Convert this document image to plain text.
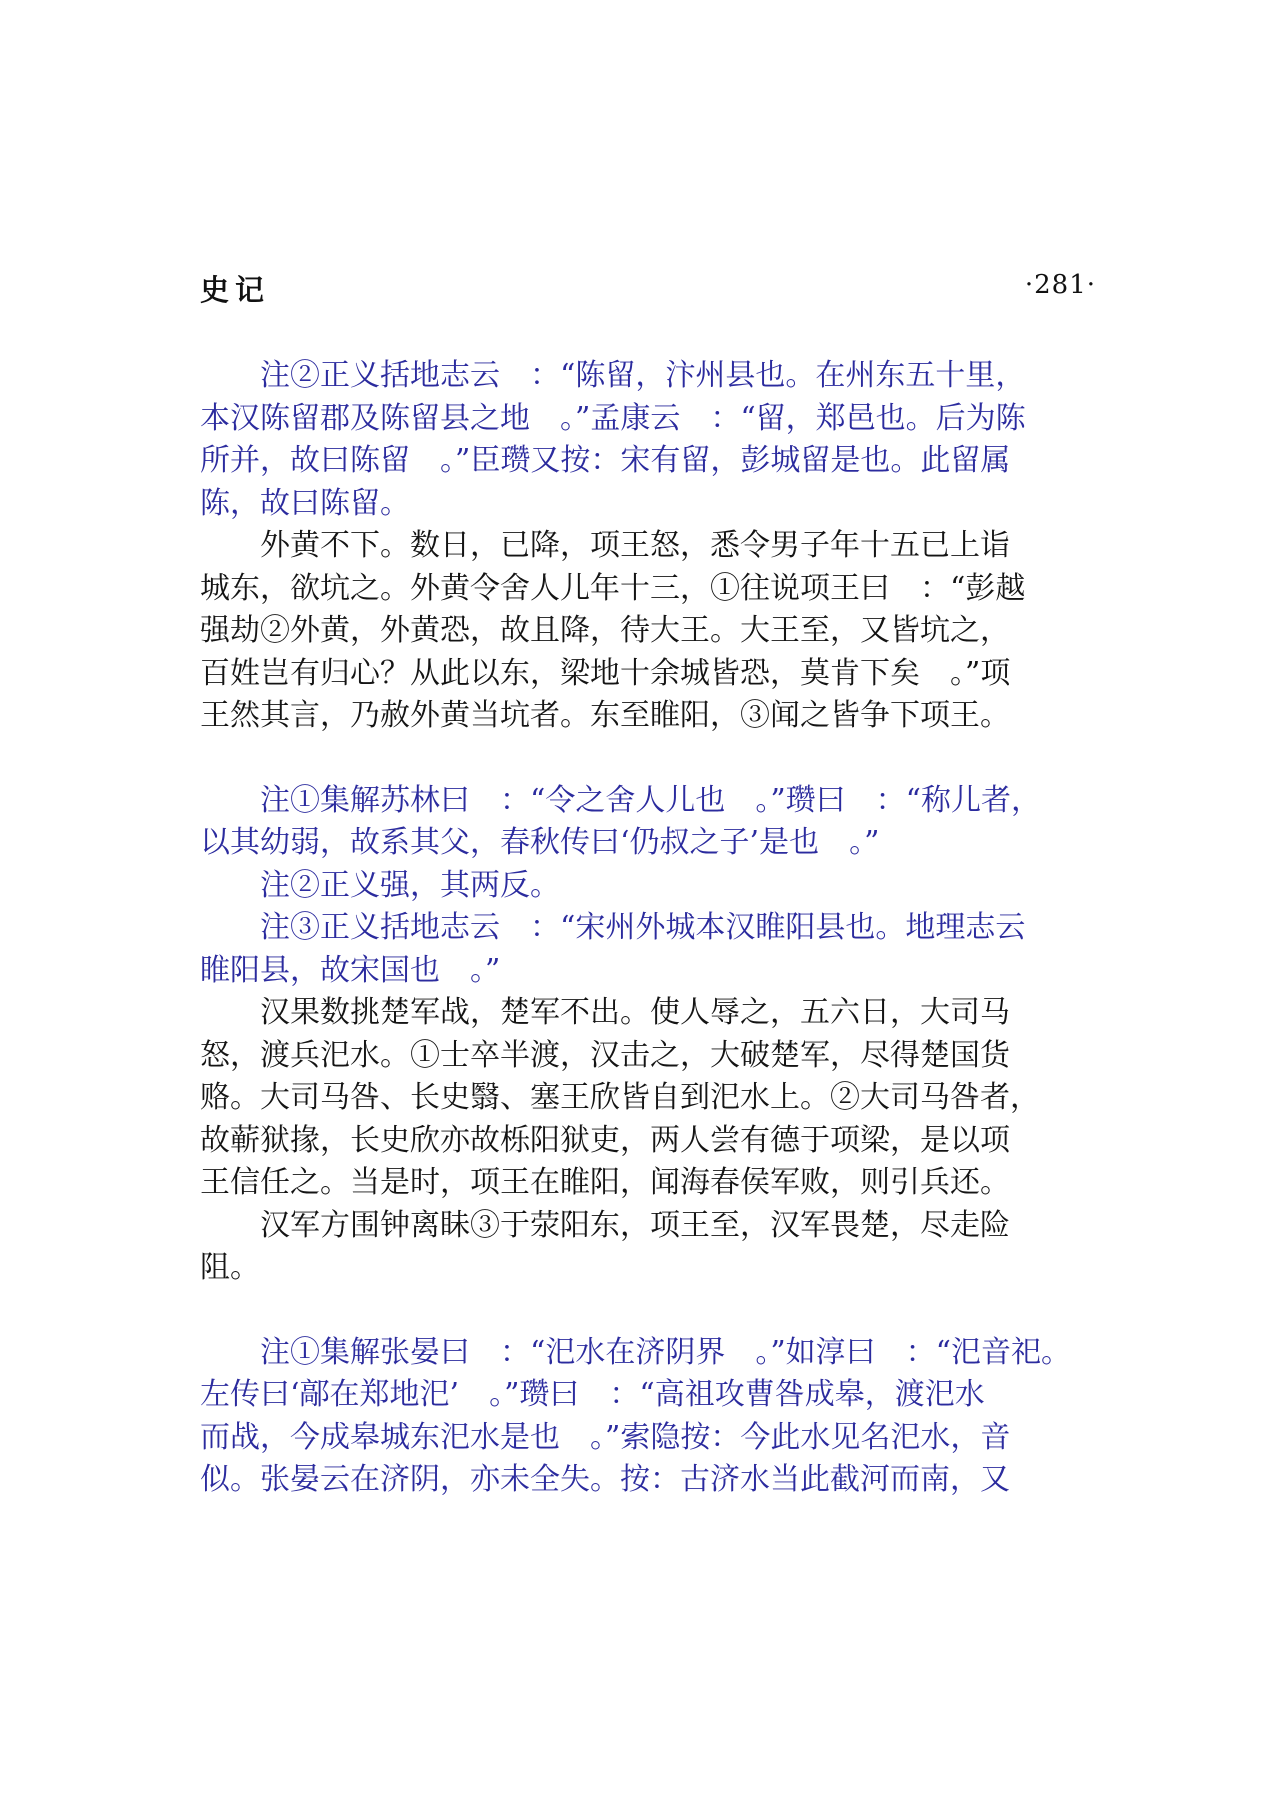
史记	·281·

　　注②正义括地志云　：“陈留，汴州县也。在州东五十里，
本汉陈留郡及陈留县之地　。”孟康云　：“留，郑邑也。后为陈
所并，故曰陈留　。”臣瓒又按：宋有留，彭城留是也。此留属
陈，故曰陈留。

　　外黄不下。数日，已降，项王怒，悉令男子年十五已上诣
城东，欲坑之。外黄令舍人儿年十三，①往说项王曰　：“彭越
强劫②外黄，外黄恐，故且降，待大王。大王至，又皆坑之，
百姓岂有归心？从此以东，梁地十余城皆恐，莫肯下矣　。”项
王然其言，乃赦外黄当坑者。东至睢阳，③闻之皆争下项王。

　　注①集解苏林曰　：“令之舍人儿也　。”瓒曰　：“称儿者，
以其幼弱，故系其父，春秋传曰‘仍叔之子’是也　。”

　　注②正义强，其两反。

　　注③正义括地志云　：“宋州外城本汉睢阳县也。地理志云
睢阳县，故宋国也　。”

　　汉果数挑楚军战，楚军不出。使人辱之，五六日，大司马
怒，渡兵汜水。①士卒半渡，汉击之，大破楚军，尽得楚国货
赂。大司马咎、长史翳、塞王欣皆自到汜水上。②大司马咎者，
故蕲狱掾，长史欣亦故栎阳狱吏，两人尝有德于项梁，是以项
王信任之。当是时，项王在睢阳，闻海春侯军败，则引兵还。

　　汉军方围钟离眛③于荥阳东，项王至，汉军畏楚，尽走险
阻。

　　注①集解张晏曰　：“汜水在济阴界　。”如淳曰　：“汜音祀。
左传曰‘鄗在郑地汜’　。”瓒曰　：“高祖攻曹咎成皋，渡汜水
而战，今成皋城东汜水是也　。”索隐按：今此水见名汜水，音
似。张晏云在济阴，亦未全失。按：古济水当此截河而南，又
